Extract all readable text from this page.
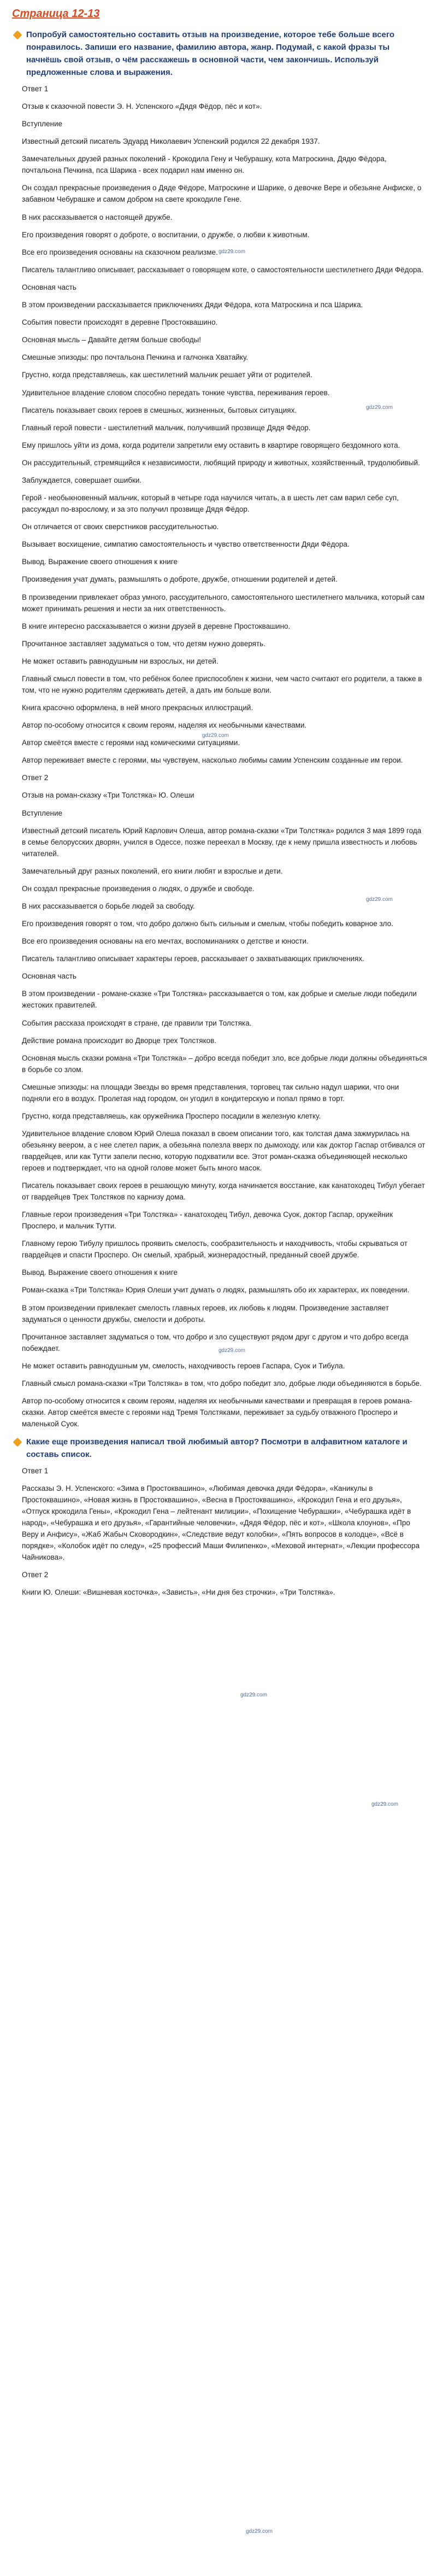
Страница 12-13
Попробуй самостоятельно составить отзыв на произведение, которое тебе больше всего понравилось. Запиши его название, фамилию автора, жанр. Подумай, с какой фразы ты начнёшь свой отзыв, о чём расскажешь в основной части, чем закончишь. Используй предложенные слова и выражения.
Ответ 1
Отзыв к сказочной повести Э. Н. Успенского «Дядя Фёдор, пёс и кот».
Вступление
Известный детский писатель Эдуард Николаевич Успенский родился 22 декабря 1937.
Замечательных друзей разных поколений - Крокодила Гену и Чебурашку, кота Матроскина, Дядю Фёдора, почтальона Печкина, пса Шарика - всех подарил нам именно он.
Он создал прекрасные произведения о Дяде Фёдоре, Матроскине и Шарике, о девочке Вере и обезьяне Анфиске, о забавном Чебурашке и самом добром на свете крокодиле Гене.
В них рассказывается о настоящей дружбе.
Его произведения говорят о доброте, о воспитании, о дружбе, о любви к животным.
Все его произведения основаны на сказочном реализме.
Писатель талантливо описывает, рассказывает о говорящем коте, о самостоятельности шестилетнего Дяди Фёдора.
Основная часть
В этом произведении рассказывается приключениях Дяди Фёдора, кота Матроскина и пса Шарика.
События повести происходят в деревне Простоквашино.
Основная мысль – Давайте детям больше свободы!
Смешные эпизоды: про почтальона Печкина и галчонка Хватайку.
Грустно, когда представляешь, как шестилетний мальчик решает уйти от родителей.
Удивительное владение словом способно передать тонкие чувства, переживания героев.
Писатель показывает своих героев в смешных, жизненных, бытовых ситуациях.
Главный герой повести - шестилетний мальчик, получивший прозвище Дядя Фёдор.
Ему пришлось уйти из дома, когда родители запретили ему оставить в квартире говорящего бездомного кота.
Он рассудительный, стремящийся к независимости, любящий природу и животных, хозяйственный, трудолюбивый.
Заблуждается, совершает ошибки.
Герой - необыкновенный мальчик, который в четыре года научился читать, а в шесть лет сам варил себе суп, рассуждал по-взрослому, и за это получил прозвище Дядя Фёдор.
Он отличается от своих сверстников рассудительностью.
Вызывает восхищение, симпатию самостоятельность и чувство ответственности Дяди Фёдора.
Вывод. Выражение своего отношения к книге
Произведения учат думать, размышлять о доброте, дружбе, отношении родителей и детей.
В произведении привлекает образ умного, рассудительного, самостоятельного шестилетнего мальчика, который сам может принимать решения и нести за них ответственность.
В книге интересно рассказывается о жизни друзей в деревне Простоквашино.
Прочитанное заставляет задуматься о том, что детям нужно доверять.
Не может оставить равнодушным ни взрослых, ни детей.
Главный смысл повести в том, что ребёнок более приспособлен к жизни, чем часто считают его родители, а также в том, что не нужно родителям сдерживать детей, а дать им больше воли.
Книга красочно оформлена, в ней много прекрасных иллюстраций.
Автор по-особому относится к своим героям, наделяя их необычными качествами.
Автор смеётся вместе с героями над комическими ситуациями.
Автор переживает вместе с героями, мы чувствуем, насколько любимы самим Успенским созданные им герои.
Ответ 2
Отзыв на роман-сказку «Три Толстяка» Ю. Олеши
Вступление
Известный детский писатель Юрий Карлович Олеша, автор романа-сказки «Три Толстяка» родился 3 мая 1899 года в семье белорусских дворян, учился в Одессе, позже переехал в Москву, где к нему пришла известность и любовь читателей.
Замечательный друг разных поколений, его книги любят и взрослые и дети.
Он создал прекрасные произведения о людях, о дружбе и свободе.
В них рассказывается о борьбе людей за свободу.
Его произведения говорят о том, что добро должно быть сильным и смелым, чтобы победить коварное зло.
Все его произведения основаны на его мечтах, воспоминаниях о детстве и юности.
Писатель талантливо описывает характеры героев, рассказывает о захватывающих приключениях.
Основная часть
В этом произведении - романе-сказке «Три Толстяка» рассказывается о том, как добрые и смелые люди победили жестоких правителей.
События рассказа происходят в стране, где правили три Толстяка.
Действие романа происходит во Дворце трех Толстяков.
Основная мысль сказки романа «Три Толстяка» – добро всегда победит зло, все добрые люди должны объединяться в борьбе со злом.
Смешные эпизоды: на площади Звезды во время представления, торговец так сильно надул шарики, что они подняли его в воздух. Пролетая над городом, он угодил в кондитерскую и попал прямо в торт.
Грустно, когда представляешь, как оружейника Просперо посадили в железную клетку.
Удивительное владение словом Юрий Олеша показал в своем описании того, как толстая дама зажмурилась на обезьянку веером, а с нее слетел парик, а обезьяна полезла вверх по дымоходу, или как доктор Гаспар отбивался от гвардейцев, или как Тутти запели песню, которую подхватили все. Этот роман-сказка объединяющей несколько героев и подтверждает, что на одной голове может быть много масок.
Писатель показывает своих героев в решающую минуту, когда начинается восстание, как канатоходец Тибул убегает от гвардейцев Трех Толстяков по карнизу дома.
Главные герои произведения «Три Толстяка» - канатоходец Тибул, девочка Суок, доктор Гаспар, оружейник Просперо, и мальчик Тутти.
Главному герою Тибулу пришлось проявить смелость, сообразительность и находчивость, чтобы скрываться от гвардейцев и спасти Просперо. Он смелый, храбрый, жизнерадостный, преданный своей дружбе.
Вывод. Выражение своего отношения к книге
Роман-сказка «Три Толстяка» Юрия Олеши учит думать о людях, размышлять обо их характерах, их поведении.
В этом произведении привлекает смелость главных героев, их любовь к людям. Произведение заставляет задуматься о ценности дружбы, смелости и доброты.
Прочитанное заставляет задуматься о том, что добро и зло существуют рядом друг с другом и что добро всегда побеждает.
Не может оставить равнодушным ум, смелость, находчивость героев Гаспара, Суок и Тибула.
Главный смысл романа-сказки «Три Толстяка» в том, что добро победит зло, добрые люди объединяются в борьбе.
Автор по-особому относится к своим героям, наделяя их необычными качествами и превращая в героев романа-сказки. Автор смеётся вместе с героями над Тремя Толстяками, переживает за судьбу отважного Просперо и маленькой Суок.
Какие еще произведения написал твой любимый автор? Посмотри в алфавитном каталоге и составь список.
Ответ 1
Рассказы Э. Н. Успенского: «Зима в Простоквашино», «Любимая девочка дяди Фёдора», «Каникулы в Простоквашино», «Новая жизнь в Простоквашино», «Весна в Простоквашино», «Крокодил Гена и его друзья», «Отпуск крокодила Гены», «Крокодил Гена – лейтенант милиции», «Похищение Чебурашки», «Чебурашка идёт в народ», «Чебурашка и его друзья», «Гарантийные человечки», «Дядя Фёдор, пёс и кот», «Школа клоунов», «Про Веру и Анфису», «Жаб Жабыч Сковородкин», «Следствие ведут колобки», «Пять вопросов в колодце», «Всё в порядке», «Колобок идёт по следу», «25 профессий Маши Филипенко», «Меховой интернат», «Лекции профессора Чайникова».
Ответ 2
Книги Ю. Олеши: «Вишневая косточка», «Зависть», «Ни дня без строчки», «Три Толстяка».
gdz29.com
gdz29.com
gdz29.com
gdz29.com
gdz29.com
gdz29.com
gdz29.com
gdz29.com
